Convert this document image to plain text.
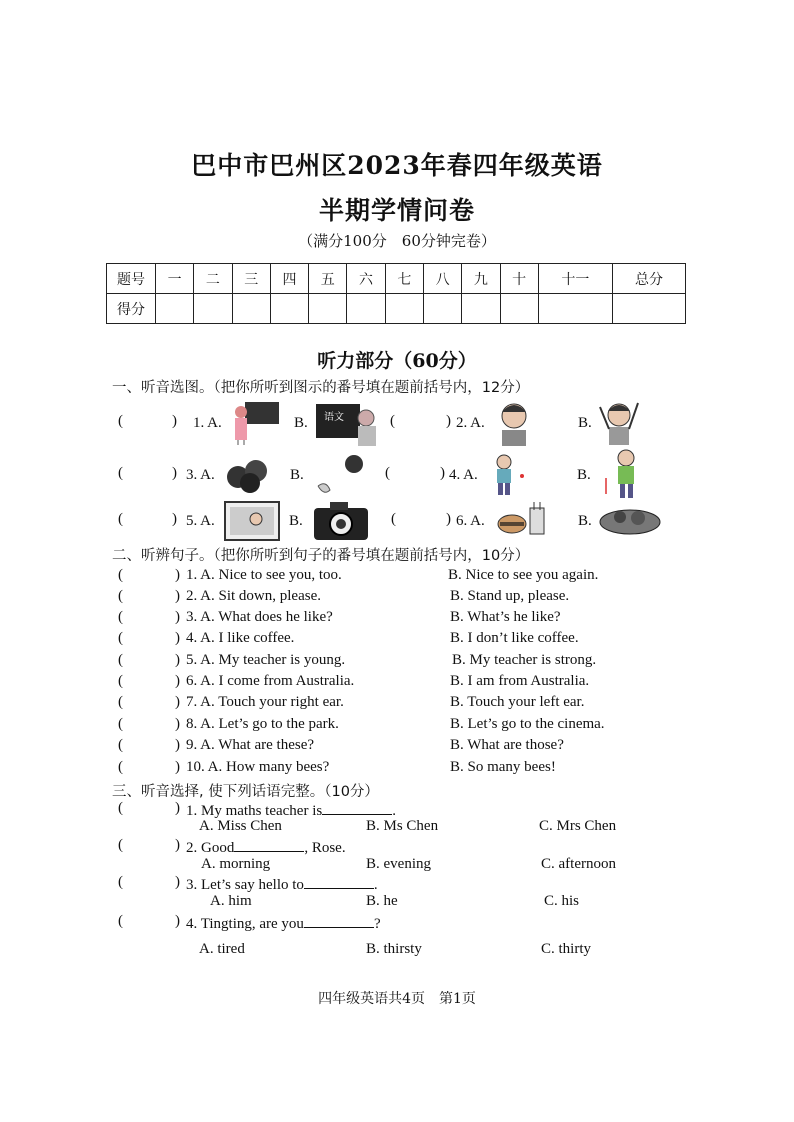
巴中市巴州区2023年春四年级英语
半期学情问卷
（满分100分　60分钟完卷）
题号	一	二	三	四	五	六	七	八	九	十	十一	总分
得分												
听力部分（60分）
一、听音选图。（把你所听到图示的番号填在题前括号内，12分）
(	) 1. A.	B. 语文	(	) 2. A.	B.
(	) 3. A.	B.	(	) 4. A.	B.
(	) 5. A.	B.	(	) 6. A.	B.
二、听辨句子。（把你所听到句子的番号填在题前括号内，10分）
(	) 1. A. Nice to see you, too.	B. Nice to see you again.
(	) 2. A. Sit down, please.	B. Stand up, please.
(	) 3. A. What does he like?	B. What’s he like?
(	) 4. A. I like coffee.	B. I don’t like coffee.
(	) 5. A. My teacher is young.	B. My teacher is strong.
(	) 6. A. I come from Australia.	B. I am from Australia.
(	) 7. A. Touch your right ear.	B. Touch your left ear.
(	) 8. A. Let’s go to the park.	B. Let’s go to the cinema.
(	) 9. A. What are these?	B. What are those?
(	) 10. A. How many bees?	B. So many bees!
三、听音选择, 使下列话语完整。（10分）
(	) 1. My maths teacher is	.
A. Miss Chen	B. Ms Chen	C. Mrs Chen
(	) 2. Good	, Rose.
A. morning	B. evening	C. afternoon
(	) 3. Let’s say hello to	.
A. him	B. he	C. his
(	) 4. Tingting, are you	?
A. tired	B. thirsty	C. thirty
四年级英语共4页　第1页
